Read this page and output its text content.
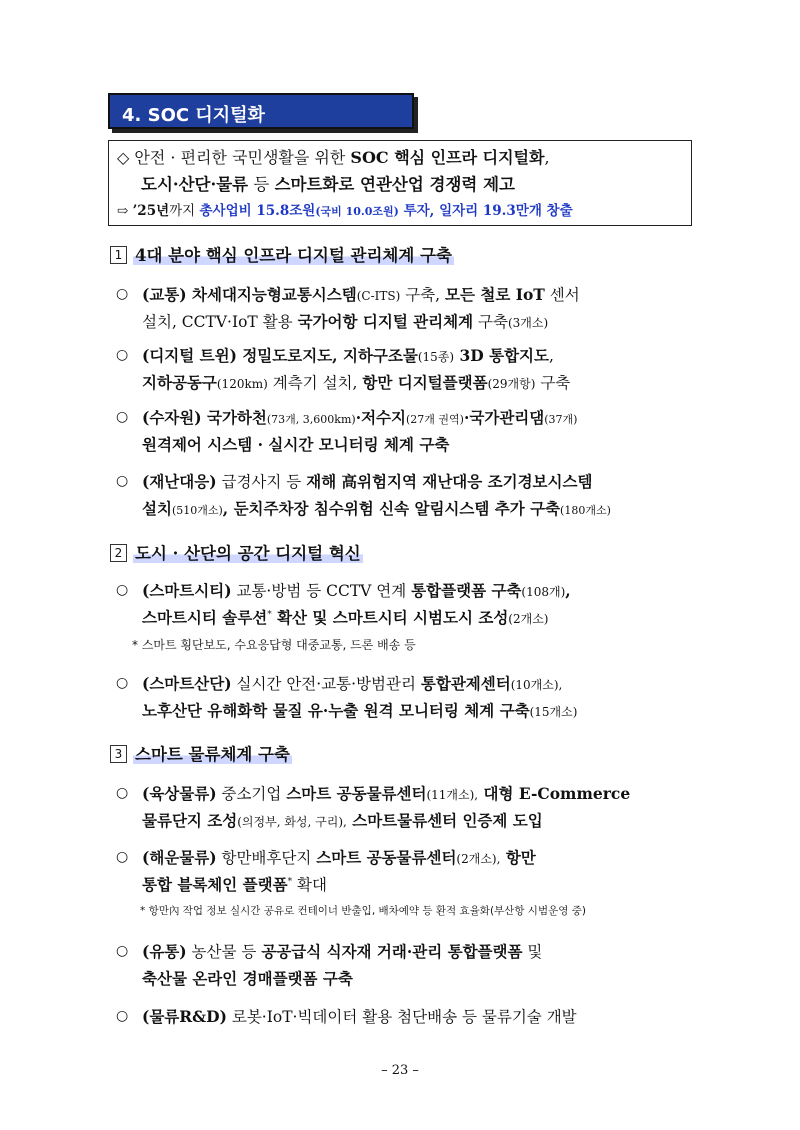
4. SOC 디지털화
◇ 안전 · 편리한 국민생활을 위한 SOC 핵심 인프라 디지털화,
도시·산단·물류 등 스마트화로 연관산업 경쟁력 제고
⇨ ’25년까지 총사업비 15.8조원(국비 10.0조원) 투자, 일자리 19.3만개 창출
1 4대 분야 핵심 인프라 디지털 관리체계 구축
○ (교통) 차세대지능형교통시스템(C-ITS) 구축, 모든 철로 IoT 센서
설치, CCTV·IoT 활용 국가어항 디지털 관리체계 구축(3개소)
○ (디지털 트윈) 정밀도로지도, 지하구조물(15종) 3D 통합지도,
지하공동구(120km) 계측기 설치, 항만 디지털플랫폼(29개항) 구축
○ (수자원) 국가하천(73개, 3,600km)·저수지(27개 권역)·국가관리댐(37개)
원격제어 시스템 · 실시간 모니터링 체계 구축
○ (재난대응) 급경사지 등 재해 高위험지역 재난대응 조기경보시스템
설치(510개소), 둔치주차장 침수위험 신속 알림시스템 추가 구축(180개소)
2 도시 · 산단의 공간 디지털 혁신
○ (스마트시티) 교통·방범 등 CCTV 연계 통합플랫폼 구축(108개),
스마트시티 솔루션* 확산 및 스마트시티 시범도시 조성(2개소)
* 스마트 횡단보도, 수요응답형 대중교통, 드론 배송 등
○ (스마트산단) 실시간 안전·교통·방범관리 통합관제센터(10개소),
노후산단 유해화학 물질 유·누출 원격 모니터링 체계 구축(15개소)
3 스마트 물류체계 구축
○ (육상물류) 중소기업 스마트 공동물류센터(11개소), 대형 E-Commerce
물류단지 조성(의정부, 화성, 구리), 스마트물류센터 인증제 도입
○ (해운물류) 항만배후단지 스마트 공동물류센터(2개소), 항만
통합 블록체인 플랫폼* 확대
* 항만內 작업 정보 실시간 공유로 컨테이너 반출입, 배차예약 등 환적 효율화(부산항 시범운영 중)
○ (유통) 농산물 등 공공급식 식자재 거래·관리 통합플랫폼 및
축산물 온라인 경매플랫폼 구축
○ (물류R&D) 로봇·IoT·빅데이터 활용 첨단배송 등 물류기술 개발
– 23 –
